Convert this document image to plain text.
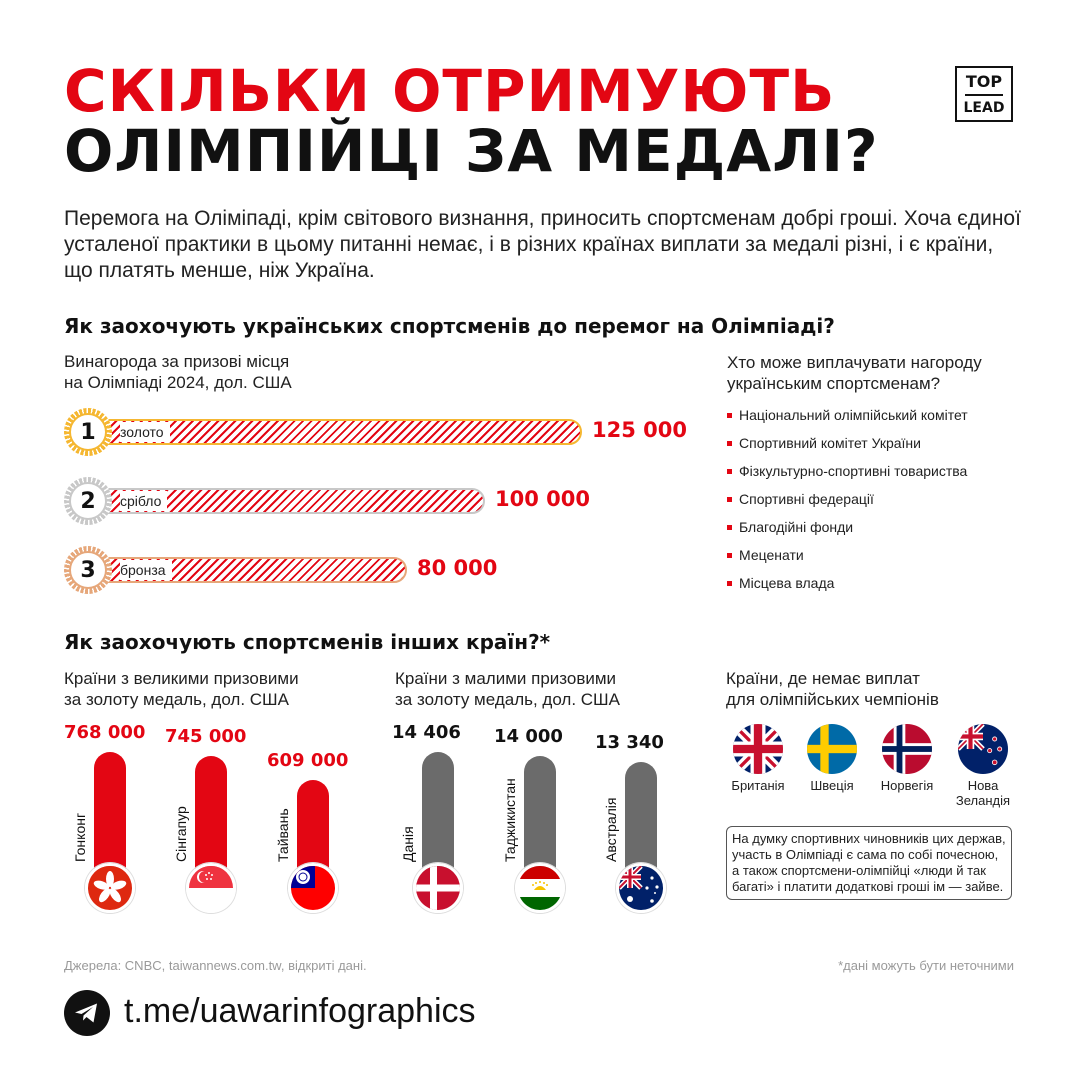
СКІЛЬКИ ОТРИМУЮТЬ
ОЛІМПІЙЦІ ЗА МЕДАЛІ?
TOP
LEAD
Перемога на Оліміпаді, крім світового визнання, приносить спортсменам добрі гроші. Хоча єдиної усталеної практики в цьому питанні немає, і в різних країнах виплати за медалі різні, і є країни, що платять менше, ніж Україна.
Як заохочують українських спортсменів до перемог на Олімпіаді?
Винагорода за призові місця
на Олімпіаді 2024, дол. США
золото
1	125 000
срібло
2	100 000
бронза
3	80 000
Хто може виплачувати нагороду
українським спортсменам?
Національний олімпійський комітет
Спортивний комітет України
Фізкультурно-спортивні товариства
Спортивні федерації
Благодійні фонди
Меценати
Місцева влада
Як заохочують спортсменів інших країн?*
Країни з великими призовими
за золоту медаль, дол. США
Країни з малими призовими
за золоту медаль, дол. США
Країни, де немає виплат
для олімпійських чемпіонів
768 000
Гонконг
745 000
Сінгапур
609 000
Тайвань
14 406
Данія
14 000
Таджикистан
13 340
Австралія
Британія	Швеція	Норвегія	Нова
Зеландія
На думку спортивних чиновників цих держав, участь в Олімпіаді є сама по собі почесною, а також спортсмени-олімпійці «люди й так багаті» і платити додаткові гроші ім — зайве.
Джерела: CNBC, taiwannews.com.tw, відкриті дані.	*дані можуть бути неточними
t.me/uawarinfographics
